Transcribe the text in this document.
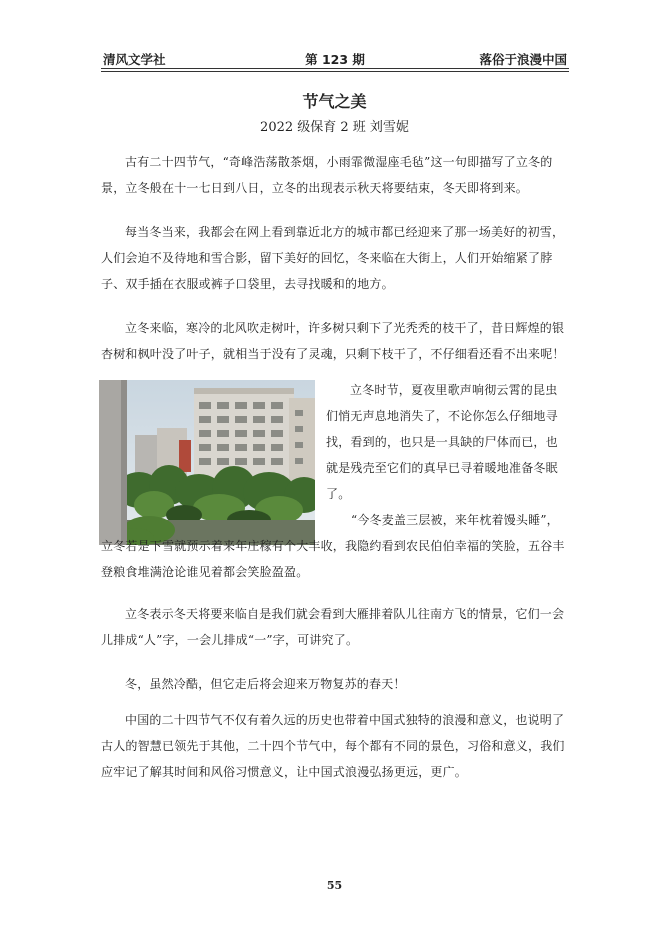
清风文学社	第 123 期	落俗于浪漫中国
节气之美
2022 级保育 2 班 刘雪妮

古有二十四节气，“奇峰浩荡散茶烟，小雨霏微湿座毛毡”这一句即描写了立冬的景，立冬般在十一七日到八日，立冬的出现表示秋天将要结束，冬天即将到来。

每当冬当来，我都会在网上看到靠近北方的城市都已经迎来了那一场美好的初雪，人们会迫不及待地和雪合影，留下美好的回忆，冬来临在大街上，人们开始缩紧了脖子、双手插在衣服或裤子口袋里，去寻找暖和的地方。

立冬来临，寒冷的北风吹走树叶，许多树只剩下了光秃秃的枝干了，昔日辉煌的银杏树和枫叶没了叶子，就相当于没有了灵魂，只剩下枝干了，不仔细看还看不出来呢！

立冬时节，夏夜里歌声响彻云霄的昆虫们悄无声息地消失了，不论你怎么仔细地寻找，看到的，也只是一具缺的尸体而已，也就是残壳至它们的真早已寻着暖地准备冬眠了。

“今冬麦盖三层被，来年枕着馒头睡”，立冬若是下雪就预示着来年庄稼有个大丰收，我隐约看到农民伯伯幸福的笑脸，五谷丰登粮食堆满沧论谁见着都会笑脸盈盈。

立冬表示冬天将要来临自是我们就会看到大雁排着队儿往南方飞的情景，它们一会儿排成“人”字，一会儿排成“一”字，可讲究了。

冬，虽然冷酷，但它走后将会迎来万物复苏的春天！

中国的二十四节气不仅有着久远的历史也带着中国式独特的浪漫和意义，也说明了古人的智慧已领先于其他，二十四个节气中，每个都有不同的景色，习俗和意义，我们应牢记了解其时间和风俗习惯意义，让中国式浪漫弘扬更远，更广。

55
